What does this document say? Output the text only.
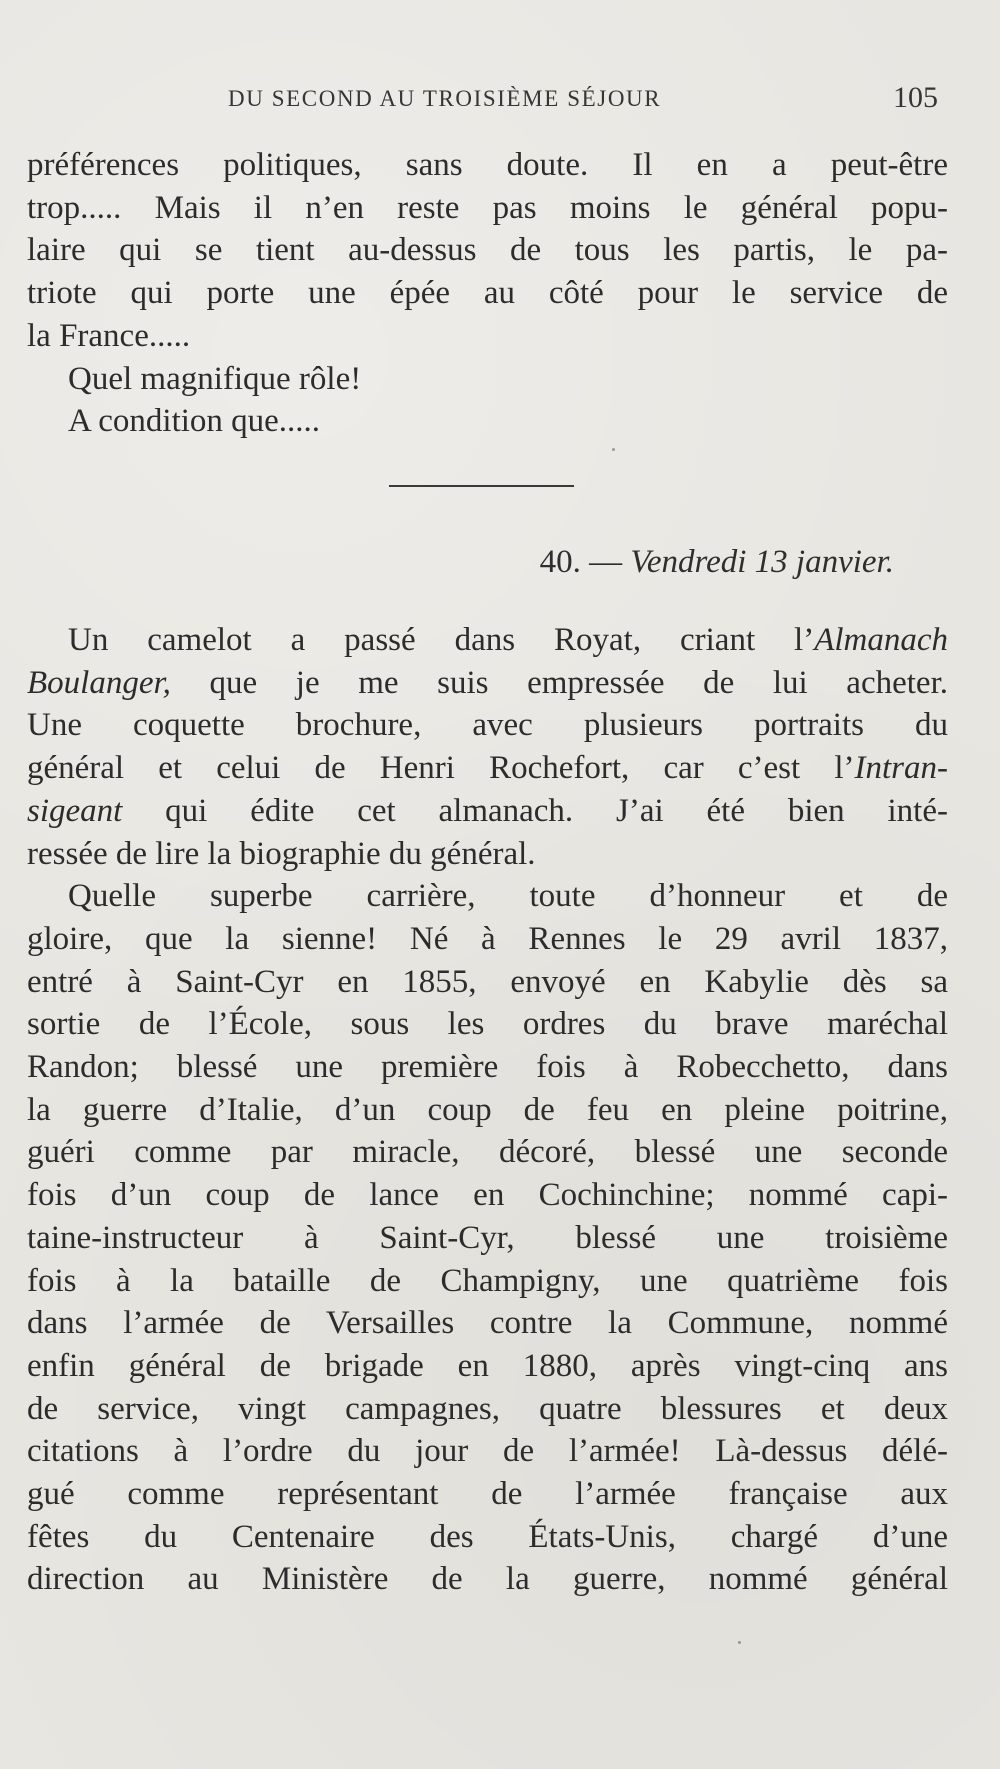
DU SECOND AU TROISIÈME SÉJOUR	105
préférences politiques, sans doute. Il en a peut-être
trop..... Mais il n’en reste pas moins le général popu-
laire qui se tient au-dessus de tous les partis, le pa-
triote qui porte une épée au côté pour le service de
la France.....
Quel magnifique rôle!
A condition que.....
40. — Vendredi 13 janvier.
Un camelot a passé dans Royat, criant l’Almanach
Boulanger, que je me suis empressée de lui acheter.
Une coquette brochure, avec plusieurs portraits du
général et celui de Henri Rochefort, car c’est l’Intran-
sigeant qui édite cet almanach. J’ai été bien inté-
ressée de lire la biographie du général.
Quelle superbe carrière, toute d’honneur et de
gloire, que la sienne! Né à Rennes le 29 avril 1837,
entré à Saint-Cyr en 1855, envoyé en Kabylie dès sa
sortie de l’École, sous les ordres du brave maréchal
Randon; blessé une première fois à Robecchetto, dans
la guerre d’Italie, d’un coup de feu en pleine poitrine,
guéri comme par miracle, décoré, blessé une seconde
fois d’un coup de lance en Cochinchine; nommé capi-
taine-instructeur à Saint-Cyr, blessé une troisième
fois à la bataille de Champigny, une quatrième fois
dans l’armée de Versailles contre la Commune, nommé
enfin général de brigade en 1880, après vingt-cinq ans
de service, vingt campagnes, quatre blessures et deux
citations à l’ordre du jour de l’armée! Là-dessus délé-
gué comme représentant de l’armée française aux
fêtes du Centenaire des États-Unis, chargé d’une
direction au Ministère de la guerre, nommé général
